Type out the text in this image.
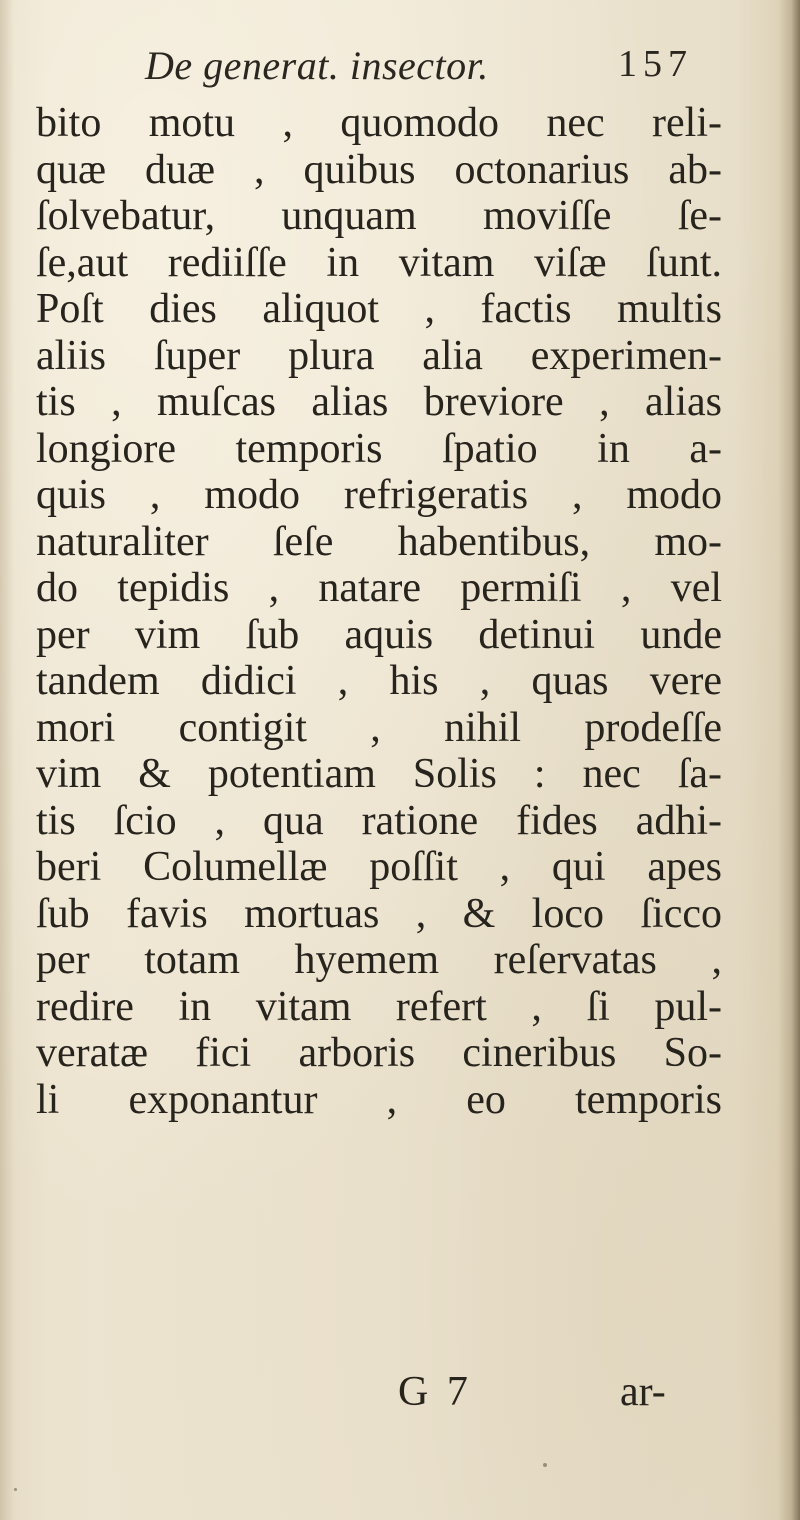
De generat. insector.	157
bito motu , quomodo nec reli-
quæ duæ , quibus octonarius ab-
ſolvebatur, unquam moviſſe ſe-
ſe,aut rediiſſe in vitam viſæ ſunt.
Poſt dies aliquot , factis multis
aliis ſuper plura alia experimen-
tis , muſcas alias breviore , alias
longiore temporis ſpatio in a-
quis , modo refrigeratis , modo
naturaliter ſeſe habentibus, mo-
do tepidis , natare permiſi , vel
per vim ſub aquis detinui unde
tandem didici , his , quas vere
mori contigit , nihil prodeſſe
vim & potentiam Solis : nec ſa-
tis ſcio , qua ratione fides adhi-
beri Columellæ poſſit , qui apes
ſub favis mortuas , & loco ſicco
per totam hyemem reſervatas ,
redire in vitam refert , ſi pul-
veratæ fici arboris cineribus So-
li exponantur , eo temporis
G 7	ar-
